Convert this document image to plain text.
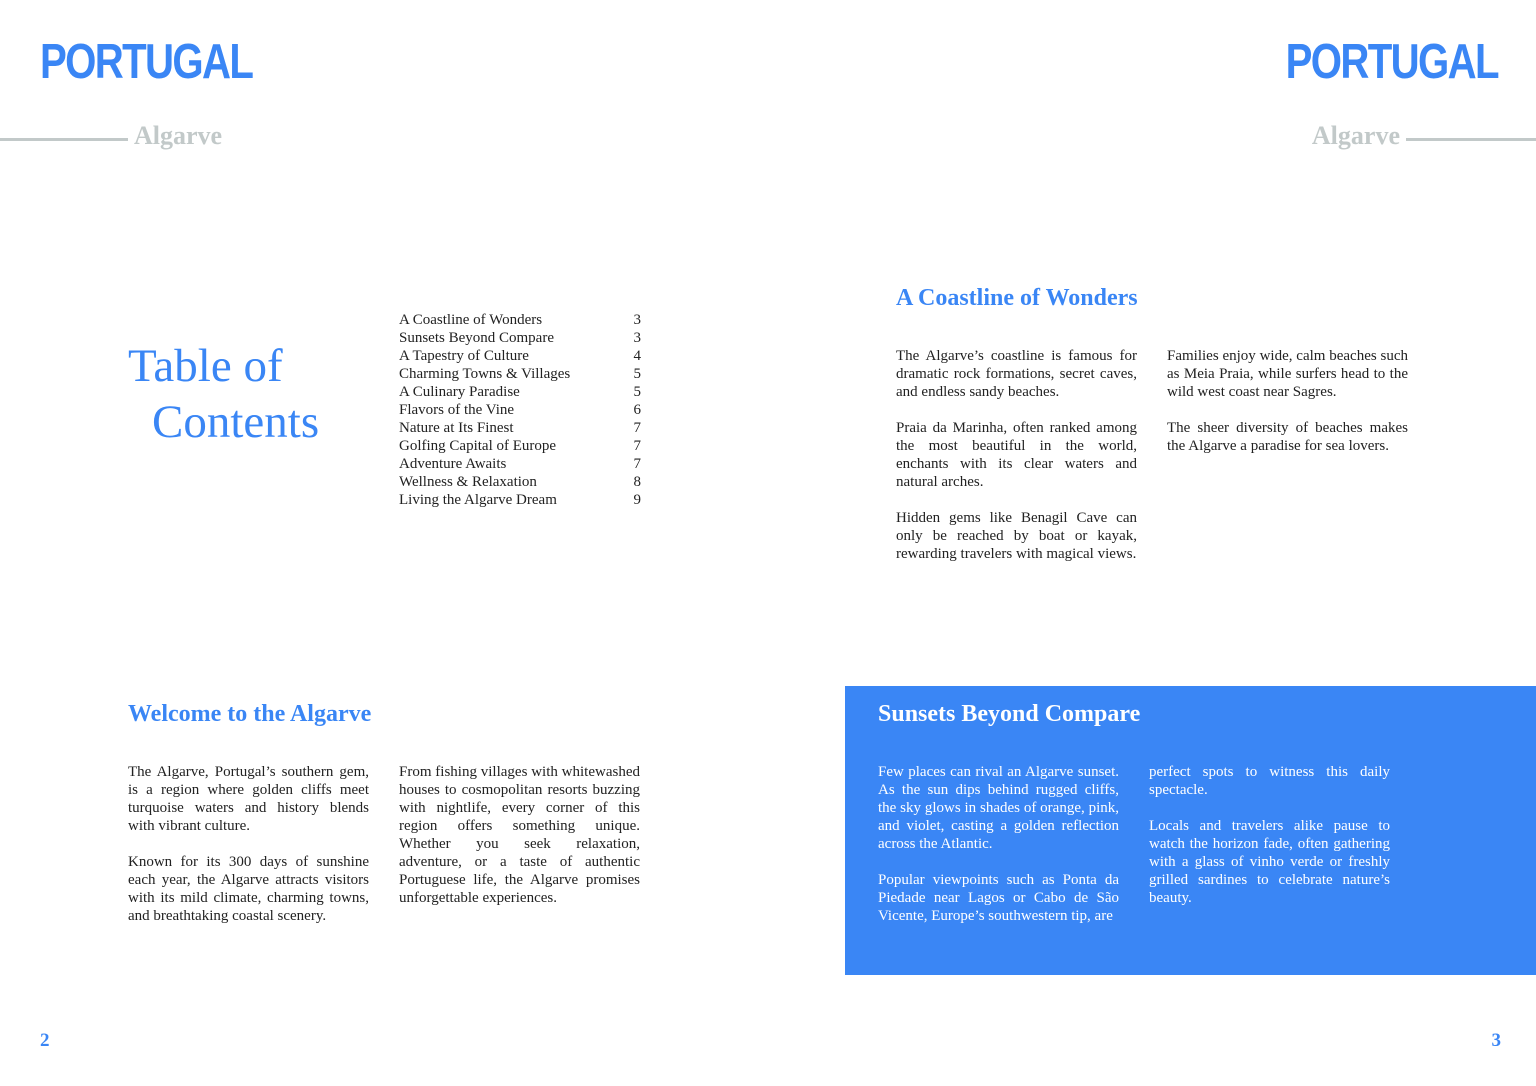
PORTUGAL
Algarve
PORTUGAL
Algarve
Table of
Contents
A Coastline of Wonders	3
Sunsets Beyond Compare	3
A Tapestry of Culture	4
Charming Towns & Villages	5
A Culinary Paradise	5
Flavors of the Vine	6
Nature at Its Finest	7
Golfing Capital of Europe	7
Adventure Awaits	7
Wellness & Relaxation	8
Living the Algarve Dream	9
A Coastline of Wonders

The Algarve’s coastline is famous for dramatic rock formations, secret caves, and endless sandy beaches.

Praia da Marinha, often ranked among the most beautiful in the world, enchants with its clear waters and natural arches.

Hidden gems like Benagil Cave can only be reached by boat or kayak, rewarding travelers with magical views.

Families enjoy wide, calm beaches such as Meia Praia, while surfers head to the wild west coast near Sagres.

The sheer diversity of beaches makes the Algarve a paradise for sea lovers.

Welcome to the Algarve

The Algarve, Portugal’s southern gem, is a region where golden cliffs meet turquoise waters and history blends with vibrant culture.

Known for its 300 days of sunshine each year, the Algarve attracts visitors with its mild climate, charming towns, and breathtaking coastal scenery.

From fishing villages with whitewashed houses to cosmopolitan resorts buzzing with nightlife, every corner of this region offers something unique. Whether you seek relaxation, adventure, or a taste of authentic Portuguese life, the Algarve promises unforgettable experiences.

Sunsets Beyond Compare

Few places can rival an Algarve sunset. As the sun dips behind rugged cliffs, the sky glows in shades of orange, pink, and violet, casting a golden reflection across the Atlantic.

Popular viewpoints such as Ponta da Piedade near Lagos or Cabo de São Vicente, Europe’s southwestern tip, are

perfect spots to witness this daily spectacle.

Locals and travelers alike pause to watch the horizon fade, often gathering with a glass of vinho verde or freshly grilled sardines to celebrate nature’s beauty.

2	3
